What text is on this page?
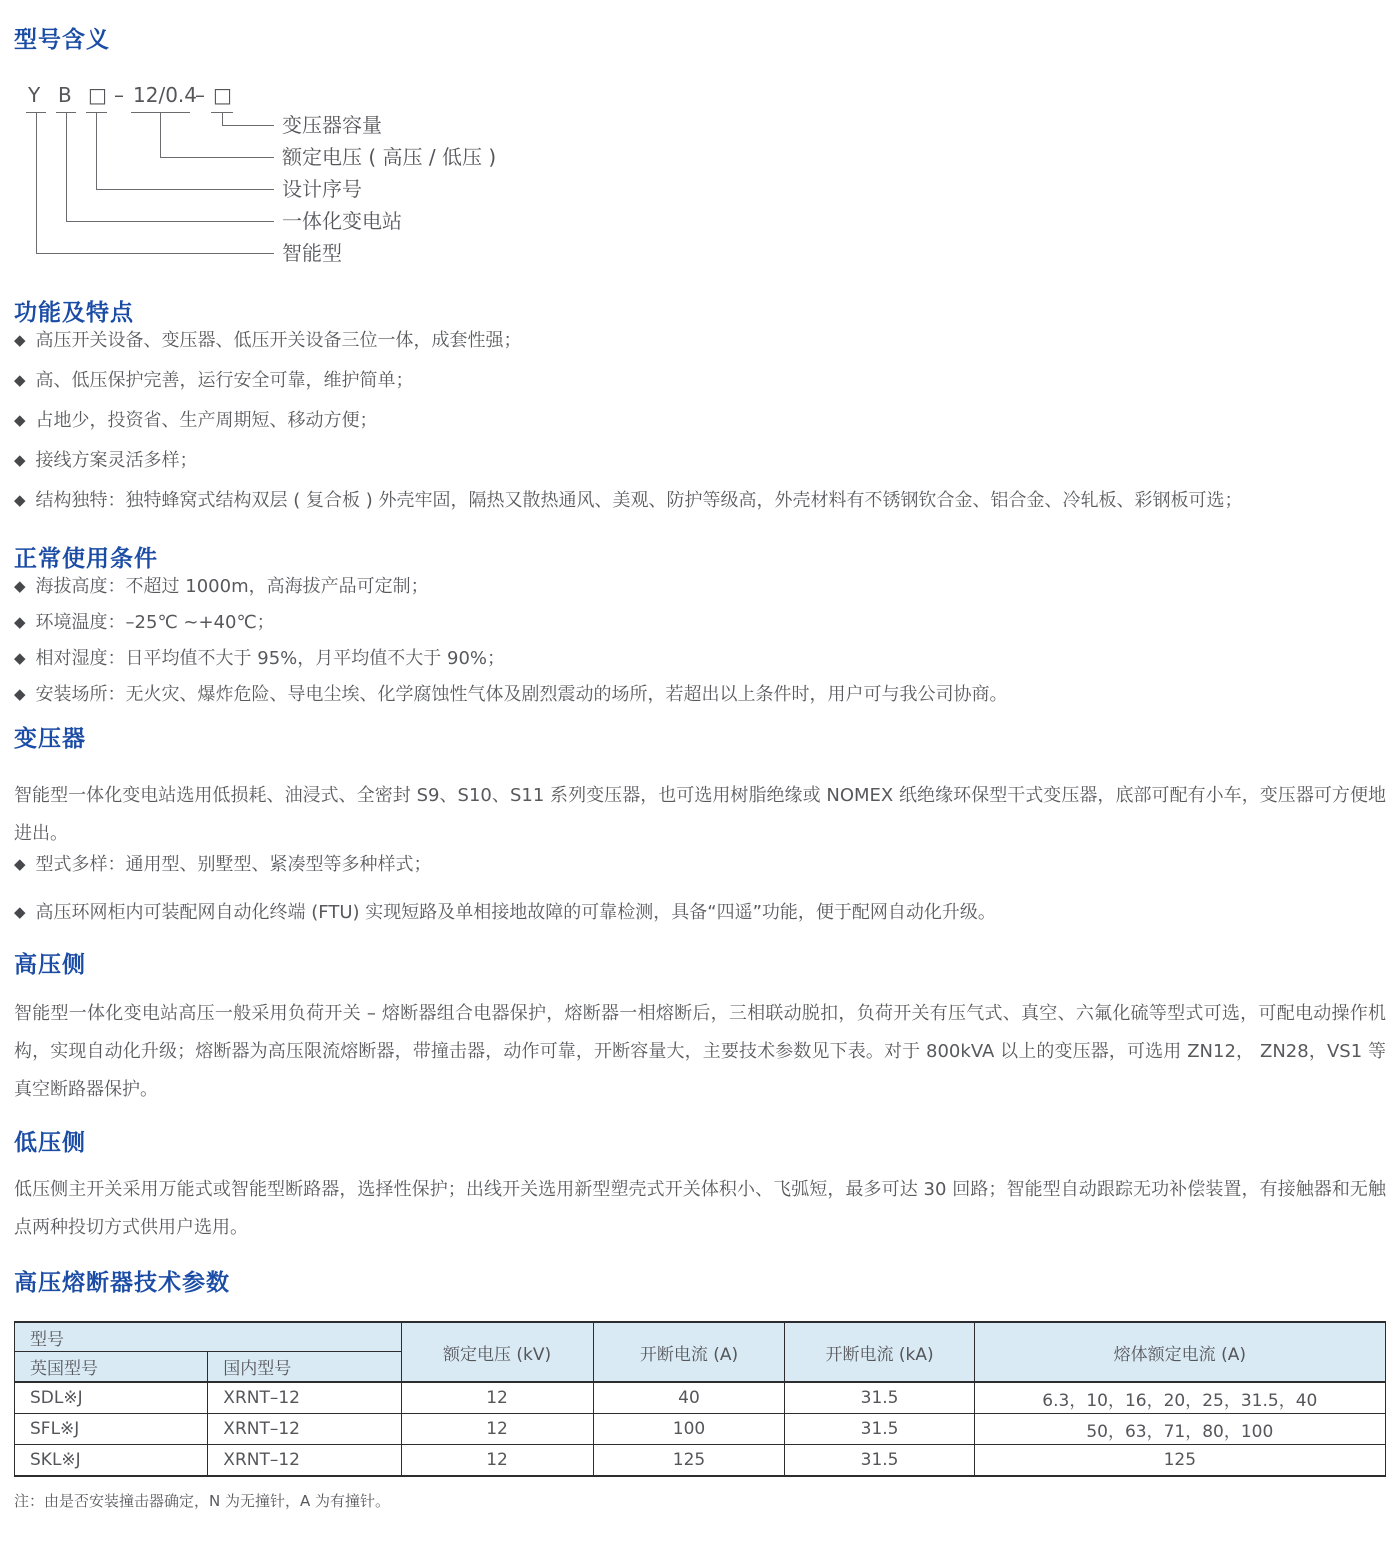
型号含义
Y B □ – 12/0.4
– □
变压器容量
额定电压 ( 高压 / 低压 )
设计序号
一体化变电站
智能型
功能及特点
◆ 高压开关设备、变压器、低压开关设备三位一体，成套性强；
◆ 高、低压保护完善，运行安全可靠，维护简单；
◆ 占地少，投资省、生产周期短、移动方便；
◆ 接线方案灵活多样；
◆ 结构独特：独特蜂窝式结构双层 ( 复合板 ) 外壳牢固，隔热又散热通风、美观、防护等级高，外壳材料有不锈钢钦合金、铝合金、冷轧板、彩钢板可选；
正常使用条件
◆ 海拔高度：不超过 1000m，高海拔产品可定制；
◆ 环境温度：–25℃ ~+40℃；
◆ 相对湿度：日平均值不大于 95%，月平均值不大于 90%；
◆ 安装场所：无火灾、爆炸危险、导电尘埃、化学腐蚀性气体及剧烈震动的场所，若超出以上条件时，用户可与我公司协商。
变压器

智能型一体化变电站选用低损耗、油浸式、全密封 S9、S10、S11 系列变压器，也可选用树脂绝缘或 NOMEX 纸绝缘环保型干式变压器，底部可配有小车，变压器可方便地进出。

◆ 型式多样：通用型、别墅型、紧凑型等多种样式；
◆ 高压环网柜内可装配网自动化终端 (FTU) 实现短路及单相接地故障的可靠检测，具备“四遥”功能，便于配网自动化升级。
高压侧

智能型一体化变电站高压一般采用负荷开关 – 熔断器组合电器保护，熔断器一相熔断后，三相联动脱扣，负荷开关有压气式、真空、六氟化硫等型式可选，可配电动操作机构，实现自动化升级；熔断器为高压限流熔断器，带撞击器，动作可靠，开断容量大，主要技术参数见下表。对于 800kVA 以上的变压器，可选用 ZN12， ZN28，VS1 等真空断路器保护。

低压侧

低压侧主开关采用万能式或智能型断路器，选择性保护；出线开关选用新型塑壳式开关体积小、飞弧短，最多可达 30 回路；智能型自动跟踪无功补偿装置，有接触器和无触点两种投切方式供用户选用。

高压熔断器技术参数
型号		额定电压 (kV)	开断电流 (A)	开断电流 (kA)	熔体额定电流 (A)
英国型号	国内型号				
SDL※J	XRNT–12	12	40	31.5	6.3，10，16，20，25，31.5，40
SFL※J	XRNT–12	12	100	31.5	50，63，71，80，100
SKL※J	XRNT–12	12	125	31.5	125
注：由是否安装撞击器确定，N 为无撞针，A 为有撞针。
